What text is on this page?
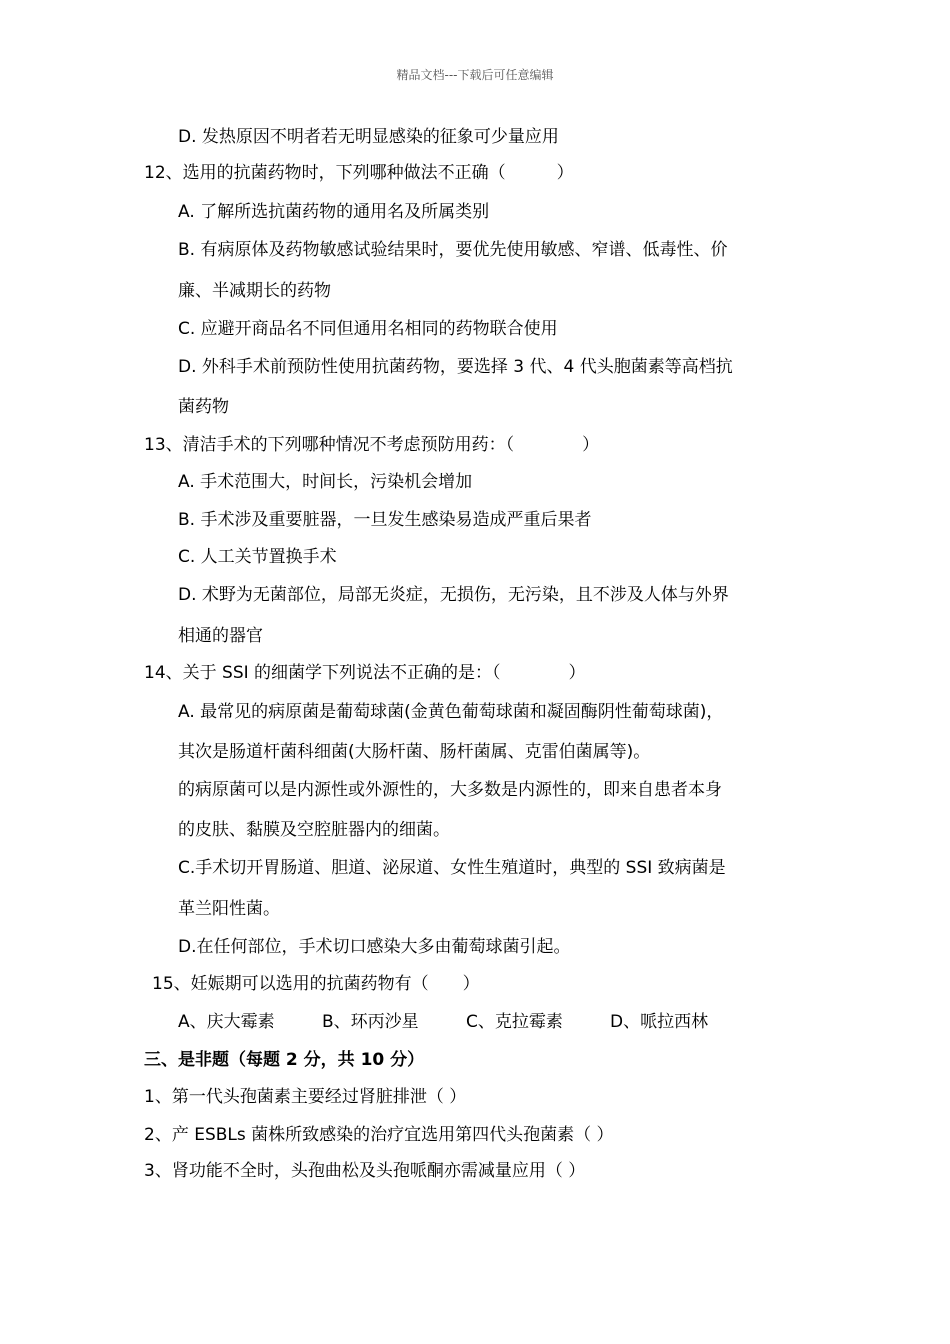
精品文档---下载后可任意编辑
D. 发热原因不明者若无明显感染的征象可少量应用
12、选用的抗菌药物时，下列哪种做法不正确（　　　）
A. 了解所选抗菌药物的通用名及所属类别
B. 有病原体及药物敏感试验结果时，要优先使用敏感、窄谱、低毒性、价
廉、半减期长的药物
C. 应避开商品名不同但通用名相同的药物联合使用
D. 外科手术前预防性使用抗菌药物，要选择 3 代、4 代头胞菌素等高档抗
菌药物
13、清洁手术的下列哪种情况不考虑预防用药：（　　　　）
A. 手术范围大，时间长，污染机会增加
B. 手术涉及重要脏器，一旦发生感染易造成严重后果者
C. 人工关节置换手术
D. 术野为无菌部位，局部无炎症，无损伤，无污染，且不涉及人体与外界
相通的器官
14、关于 SSI 的细菌学下列说法不正确的是：（　　　　）
A. 最常见的病原菌是葡萄球菌(金黄色葡萄球菌和凝固酶阴性葡萄球菌)，
其次是肠道杆菌科细菌(大肠杆菌、肠杆菌属、克雷伯菌属等)。
的病原菌可以是内源性或外源性的，大多数是内源性的，即来自患者本身
的皮肤、黏膜及空腔脏器内的细菌。
C.手术切开胃肠道、胆道、泌尿道、女性生殖道时，典型的 SSI 致病菌是
革兰阳性菌。
D.在任何部位，手术切口感染大多由葡萄球菌引起。
15、妊娠期可以选用的抗菌药物有（　　）
A、庆大霉素	B、环丙沙星	C、克拉霉素	D、哌拉西林
三、是非题（每题 2 分，共 10 分）
1、第一代头孢菌素主要经过肾脏排泄（ ）
2、产 ESBLs 菌株所致感染的治疗宜选用第四代头孢菌素（ ）
3、肾功能不全时，头孢曲松及头孢哌酮亦需减量应用（ ）
